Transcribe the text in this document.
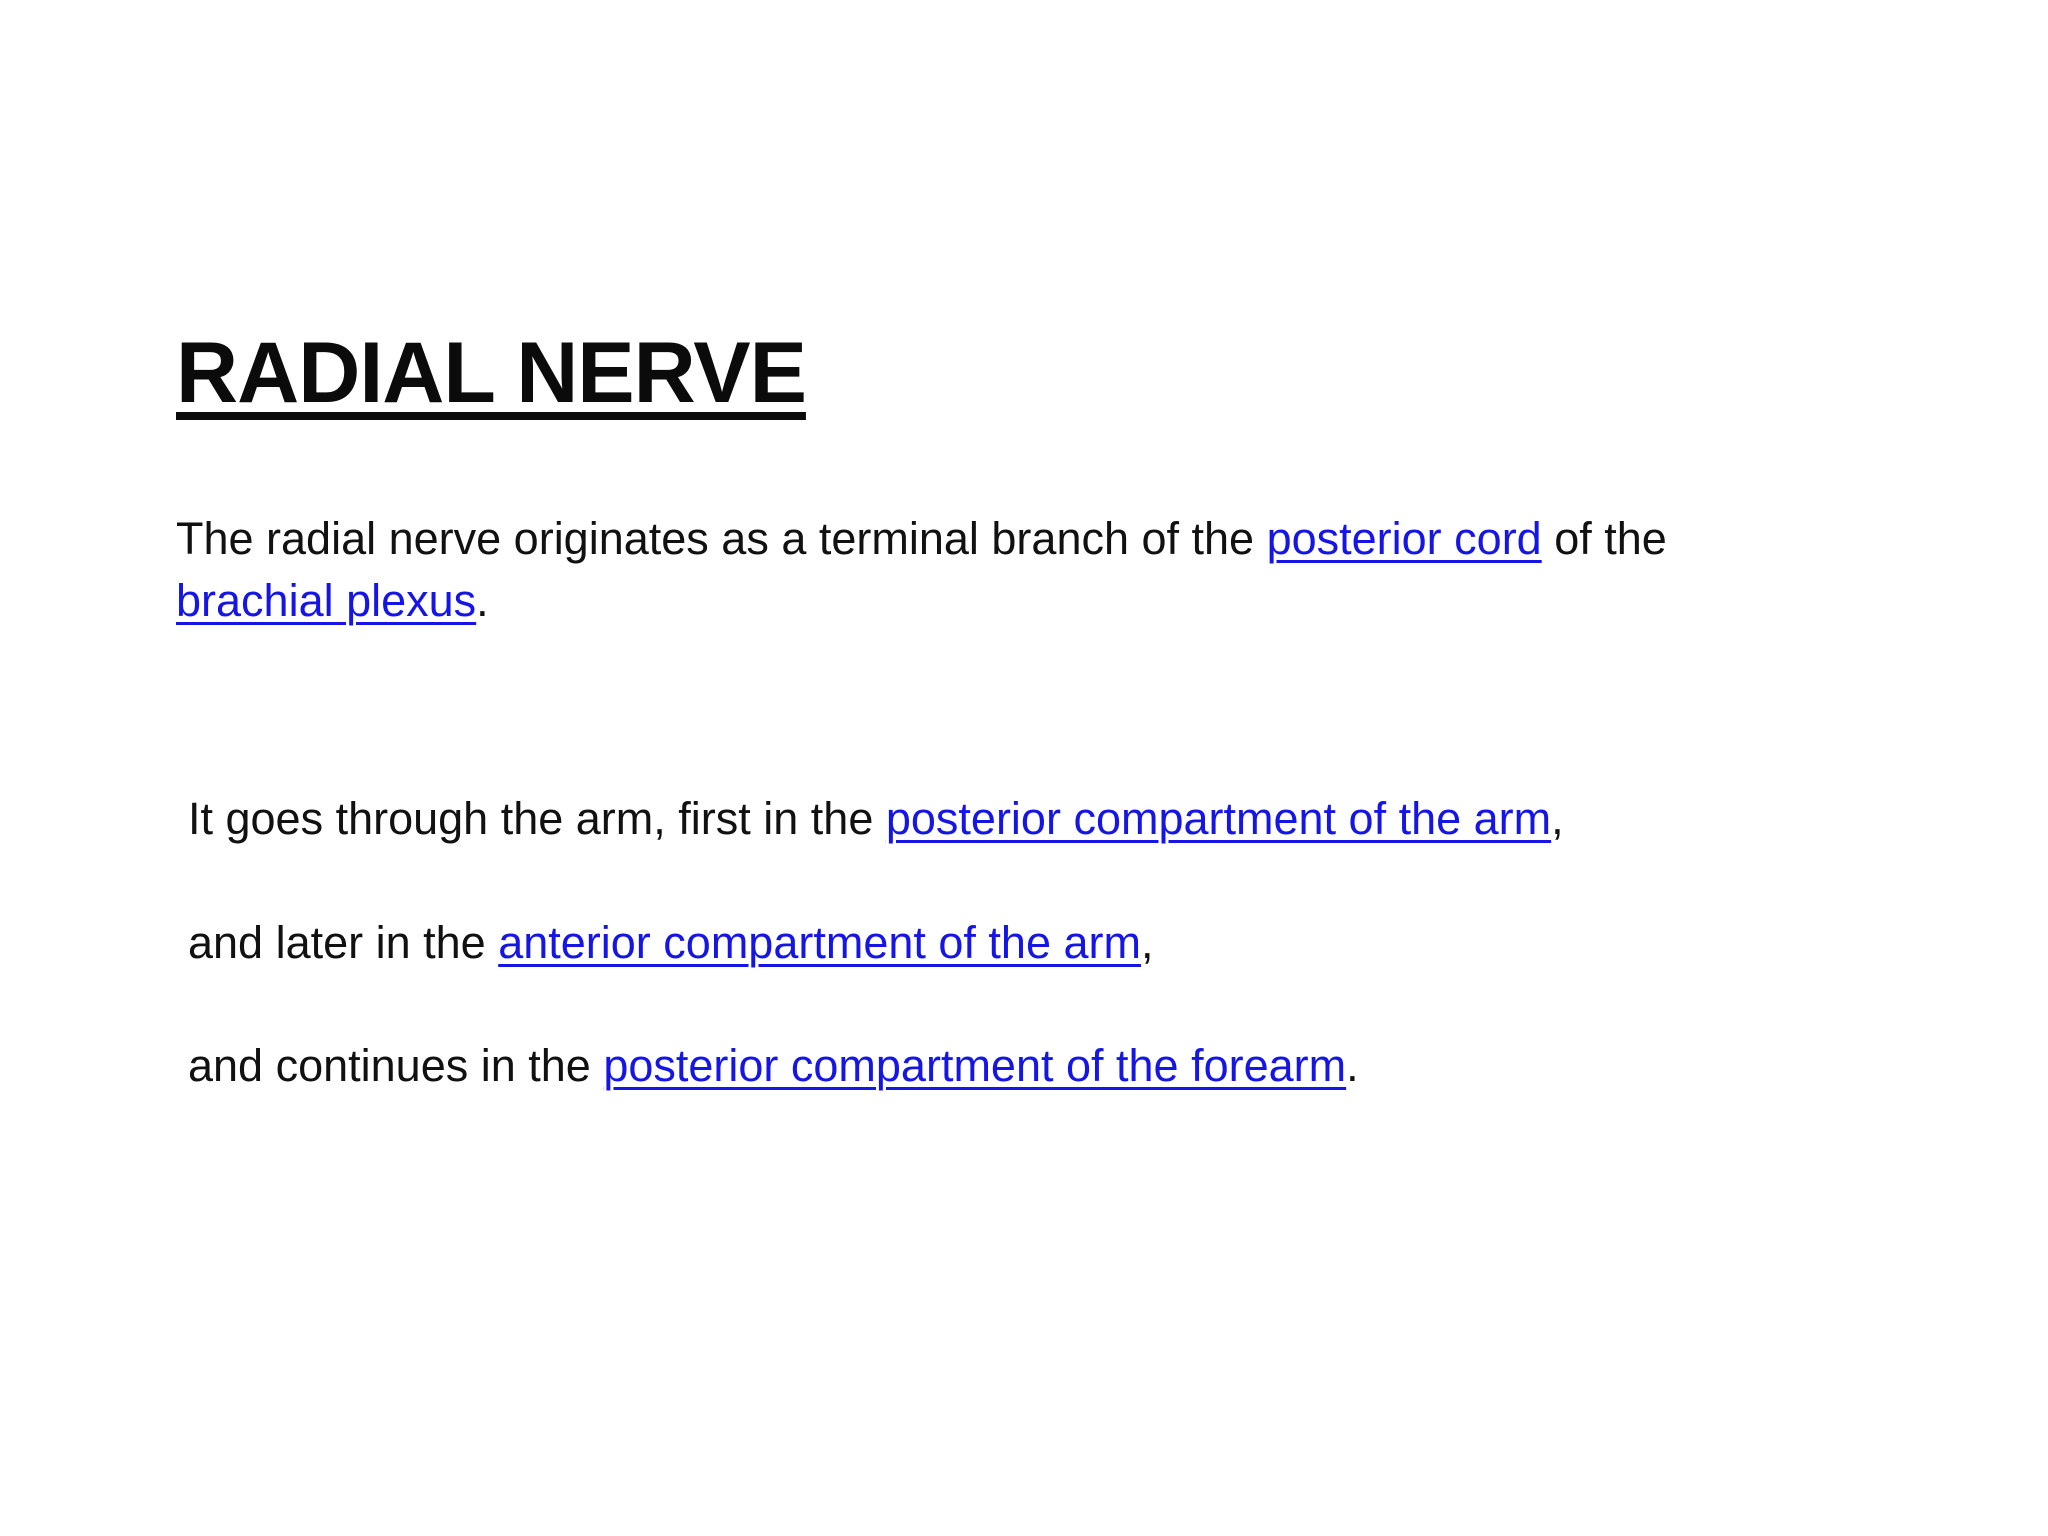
RADIAL NERVE

The radial nerve originates as a terminal branch of the posterior cord of the
brachial plexus.

It goes through the arm, first in the posterior compartment of the arm,

and later in the anterior compartment of the arm,

and continues in the posterior compartment of the forearm.
